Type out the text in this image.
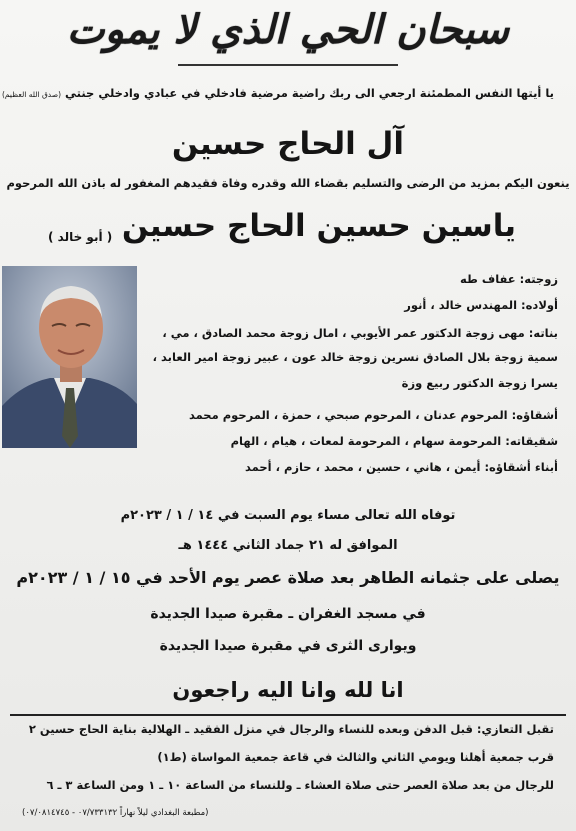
سبحان الحي الذي لا يموت
يا أيتها النفس المطمئنة ارجعي الى ربك راضية مرضية فادخلي في عبادي وادخلي جنتي (صدق الله العظيم)
آل الحاج حسين
ينعون اليكم بمزيد من الرضى والتسليم بقضاء الله وقدره وفاة فقيدهم المغفور له باذن الله المرحوم
ياسين حسين الحاج حسين
( أبو خالد )
زوجته: عفاف طه
أولاده: المهندس خالد ، أنور
بناته: مهى زوجة الدكتور عمر الأيوبي ، امال زوجة محمد الصادق ، مي ،
سمية زوجة بلال الصادق نسرين زوجة خالد عون ، عبير زوجة امير العابد ،
يسرا زوجة الدكتور ربيع وزة
أشقاؤه: المرحوم عدنان ، المرحوم صبحي ، حمزة ، المرحوم محمد
شقيقاته: المرحومة سهام ، المرحومة لمعات ، هيام ، الهام
أبناء أشقاؤه: أيمن ، هاني ، حسين ، محمد ، حازم ، أحمد
توفاه الله تعالى مساء يوم السبت في ١٤ / ١ / ٢٠٢٣م
الموافق له ٢١ جماد الثاني ١٤٤٤ هـ
يصلى على جثمانه الطاهر بعد صلاة عصر يوم الأحد في ١٥ / ١ / ٢٠٢٣م
في مسجد الغفران ـ مقبرة صيدا الجديدة
ويوارى الثرى في مقبرة صيدا الجديدة
انا لله وانا اليه راجعون
تقبل التعازي: قبل الدفن وبعده للنساء والرجال في منزل الفقيد ـ الهلالية بناية الحاج حسين ٢
قرب جمعية أهلنا ويومي الثاني والثالث في قاعة جمعية المواساة (ط١)
للرجال من بعد صلاة العصر حتى صلاة العشاء ـ وللنساء من الساعة ١٠ ـ ١ ومن الساعة ٣ ـ ٦
(مطبعة البغدادي ليلاً نهاراً ٠٧/٧٣٣١٣٢ - ٠٧/٠٨١٤٧٤٥)
